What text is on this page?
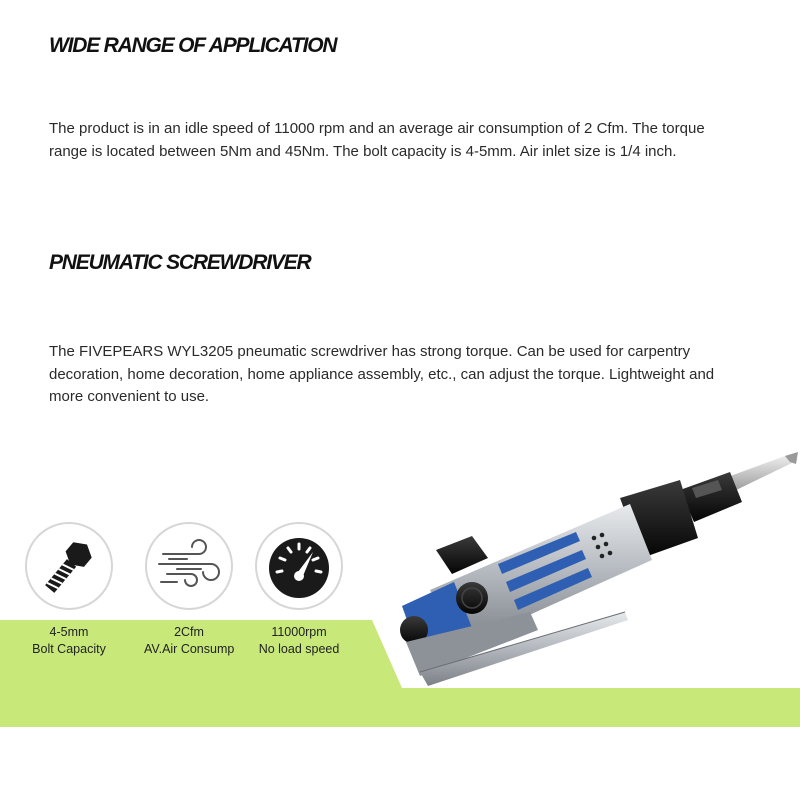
WIDE RANGE OF APPLICATION

The product is in an idle speed of 11000 rpm and an average air consumption of 2 Cfm. The torque range is located between 5Nm and 45Nm. The bolt capacity is 4-5mm. Air inlet size is 1/4 inch.

PNEUMATIC SCREWDRIVER

The FIVEPEARS WYL3205 pneumatic screwdriver has strong torque. Can be used for carpentry decoration, home decoration, home appliance assembly, etc., can adjust the torque. Lightweight and more convenient to use.

4-5mm
Bolt Capacity
2Cfm
AV.Air Consump
11000rpm
No load speed
